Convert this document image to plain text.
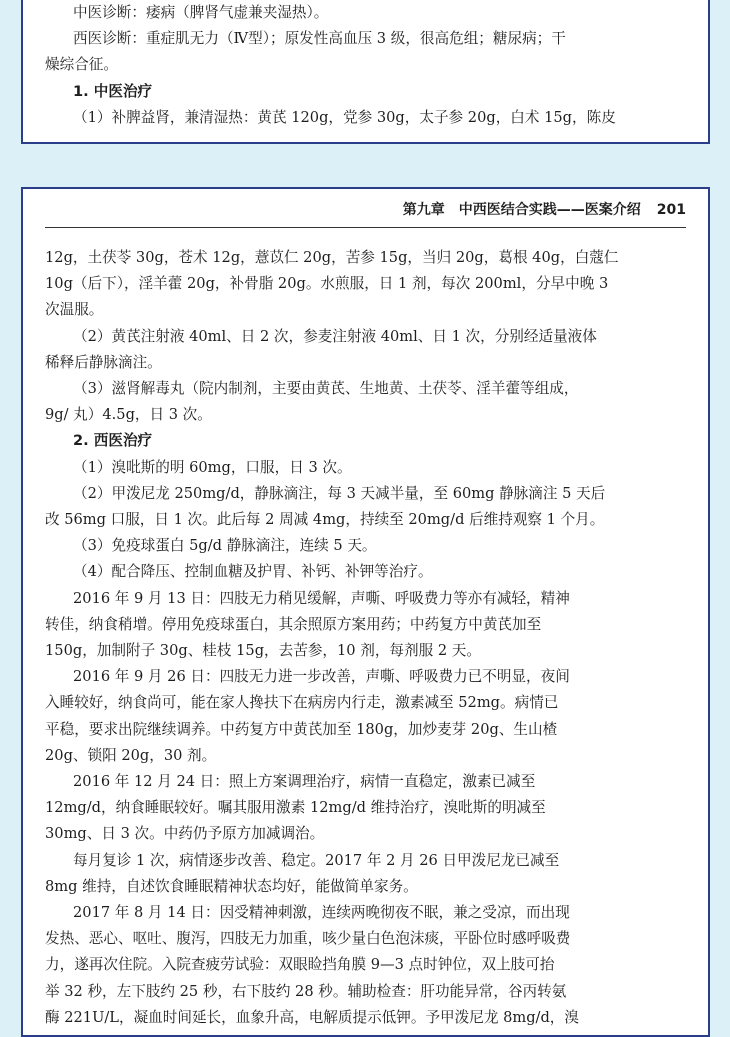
中医诊断：痿病（脾肾气虚兼夹湿热）。

西医诊断：重症肌无力（Ⅳ型）；原发性高血压 3 级，很高危组；糖尿病；干

燥综合征。

1. 中医治疗

（1）补脾益肾，兼清湿热：黄芪 120g，党参 30g，太子参 20g，白术 15g，陈皮

第九章　中西医结合实践——医案介绍 201

12g，土茯苓 30g，苍术 12g，薏苡仁 20g，苦参 15g，当归 20g，葛根 40g，白蔻仁

10g（后下），淫羊藿 20g，补骨脂 20g。水煎服，日 1 剂，每次 200ml，分早中晚 3

次温服。

（2）黄芪注射液 40ml、日 2 次，参麦注射液 40ml、日 1 次，分别经适量液体

稀释后静脉滴注。

（3）滋肾解毒丸（院内制剂，主要由黄芪、生地黄、土茯苓、淫羊藿等组成，

9g/ 丸）4.5g，日 3 次。

2. 西医治疗

（1）溴吡斯的明 60mg，口服，日 3 次。

（2）甲泼尼龙 250mg/d，静脉滴注，每 3 天减半量，至 60mg 静脉滴注 5 天后

改 56mg 口服，日 1 次。此后每 2 周减 4mg，持续至 20mg/d 后维持观察 1 个月。

（3）免疫球蛋白 5g/d 静脉滴注，连续 5 天。

（4）配合降压、控制血糖及护胃、补钙、补钾等治疗。

2016 年 9 月 13 日：四肢无力稍见缓解，声嘶、呼吸费力等亦有减轻，精神

转佳，纳食稍增。停用免疫球蛋白，其余照原方案用药；中药复方中黄芪加至

150g，加制附子 30g、桂枝 15g，去苦参，10 剂，每剂服 2 天。

2016 年 9 月 26 日：四肢无力进一步改善，声嘶、呼吸费力已不明显，夜间

入睡较好，纳食尚可，能在家人搀扶下在病房内行走，激素减至 52mg。病情已

平稳，要求出院继续调养。中药复方中黄芪加至 180g，加炒麦芽 20g、生山楂

20g、锁阳 20g，30 剂。

2016 年 12 月 24 日：照上方案调理治疗，病情一直稳定，激素已减至

12mg/d，纳食睡眠较好。嘱其服用激素 12mg/d 维持治疗，溴吡斯的明减至

30mg、日 3 次。中药仍予原方加减调治。

每月复诊 1 次，病情逐步改善、稳定。2017 年 2 月 26 日甲泼尼龙已减至

8mg 维持，自述饮食睡眠精神状态均好，能做简单家务。

2017 年 8 月 14 日：因受精神刺激，连续两晚彻夜不眠，兼之受凉，而出现

发热、恶心、呕吐、腹泻，四肢无力加重，咳少量白色泡沫痰，平卧位时感呼吸费

力，遂再次住院。入院查疲劳试验：双眼睑挡角膜 9—3 点时钟位，双上肢可抬

举 32 秒，左下肢约 25 秒，右下肢约 28 秒。辅助检查：肝功能异常，谷丙转氨

酶 221U/L，凝血时间延长，血象升高，电解质提示低钾。予甲泼尼龙 8mg/d，溴
